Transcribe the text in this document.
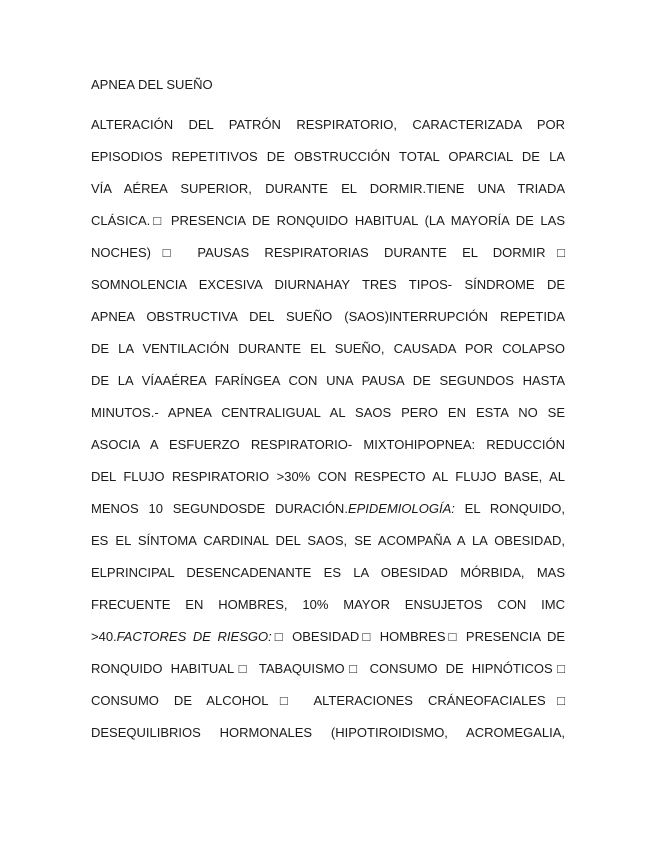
APNEA DEL SUEÑO
ALTERACIÓN DEL PATRÓN RESPIRATORIO, CARACTERIZADA POR
EPISODIOS REPETITIVOS DE OBSTRUCCIÓN TOTAL OPARCIAL DE LA
VÍA AÉREA SUPERIOR, DURANTE EL DORMIR.TIENE UNA TRIADA
CLÁSICA.□ PRESENCIA DE RONQUIDO HABITUAL (LA MAYORÍA DE LAS
NOCHES)□ PAUSAS RESPIRATORIAS DURANTE EL DORMIR□
SOMNOLENCIA EXCESIVA DIURNAHAY TRES TIPOS- SÍNDROME DE
APNEA OBSTRUCTIVA DEL SUEÑO (SAOS)INTERRUPCIÓN REPETIDA
DE LA VENTILACIÓN DURANTE EL SUEÑO, CAUSADA POR COLAPSO
DE LA VÍAAÉREA FARÍNGEA CON UNA PAUSA DE SEGUNDOS HASTA
MINUTOS.- APNEA CENTRALIGUAL AL SAOS PERO EN ESTA NO SE
ASOCIA A ESFUERZO RESPIRATORIO- MIXTOHIPOPNEA: REDUCCIÓN
DEL FLUJO RESPIRATORIO >30% CON RESPECTO AL FLUJO BASE, AL
MENOS 10 SEGUNDOSDE DURACIÓN.EPIDEMIOLOGÍA: EL RONQUIDO,
ES EL SÍNTOMA CARDINAL DEL SAOS, SE ACOMPAÑA A LA OBESIDAD,
ELPRINCIPAL DESENCADENANTE ES LA OBESIDAD MÓRBIDA, MAS
FRECUENTE EN HOMBRES, 10% MAYOR ENSUJETOS CON IMC
>40.FACTORES DE RIESGO:□ OBESIDAD□ HOMBRES□ PRESENCIA DE
RONQUIDO HABITUAL□ TABAQUISMO□ CONSUMO DE HIPNÓTICOS□
CONSUMO DE ALCOHOL□ ALTERACIONES CRÁNEOFACIALES□
DESEQUILIBRIOS HORMONALES (HIPOTIROIDISMO, ACROMEGALIA,
